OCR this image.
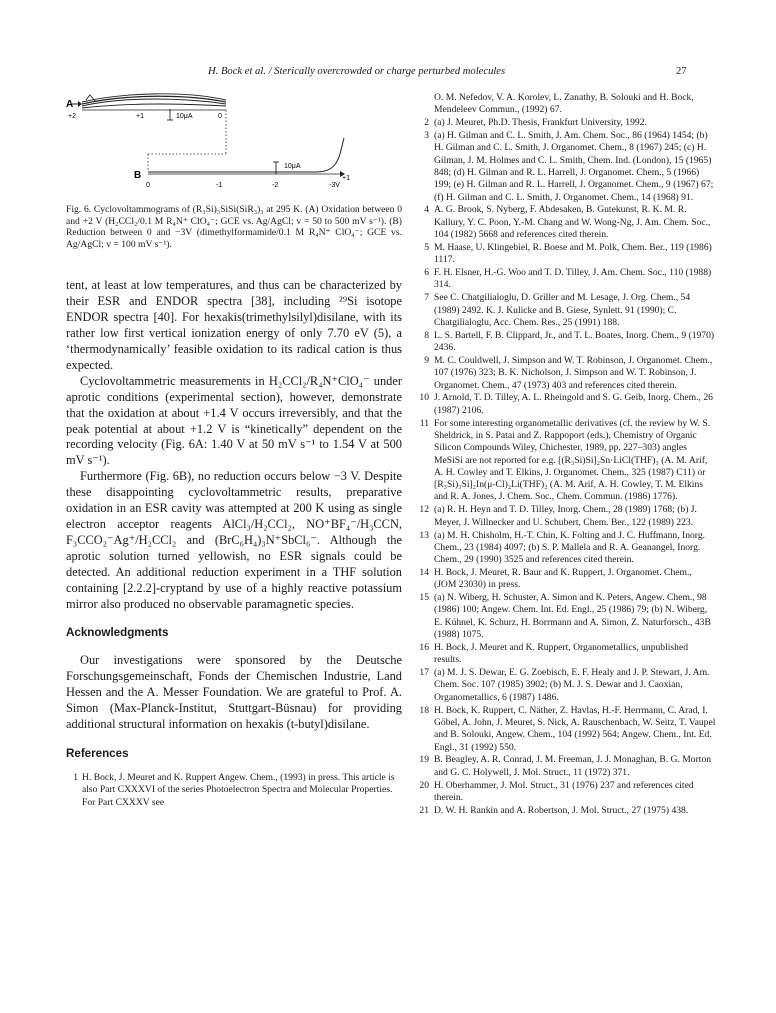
H. Bock et al. / Sterically overcrowded or charge perturbed molecules	27
A
+2	+1	0
10μA
10μA
B
0	-1	-2	-3V
+1
Fig. 6. Cyclovoltammograms of (R₃Si)₃SiSi(SiR₃)₃ at 295 K. (A) Oxidation between 0 and +2 V (H₂CCl₂/0.1 M R₄N⁺ ClO₄⁻; GCE vs. Ag/AgCl; v = 50 to 500 mV s⁻¹). (B) Reduction between 0 and −3V (dimethylformamide/0.1 M R₄N⁺ ClO₄⁻; GCE vs. Ag/AgCl; v = 100 mV s⁻¹).

tent, at least at low temperatures, and thus can be characterized by their ESR and ENDOR spectra [38], including ²⁹Si isotope ENDOR spectra [40]. For hexakis(trimethylsilyl)disilane, with its rather low first vertical ionization energy of only 7.70 eV (5), a ‘thermodynamically’ feasible oxidation to its radical cation is thus expected.

Cyclovoltammetric measurements in H₂CCl₂/R₄N⁺ClO₄⁻ under aprotic conditions (experimental section), however, demonstrate that the oxidation at about +1.4 V occurs irreversibly, and that the peak potential at about +1.2 V is “kinetically” dependent on the recording velocity (Fig. 6A: 1.40 V at 50 mV s⁻¹ to 1.54 V at 500 mV s⁻¹).

Furthermore (Fig. 6B), no reduction occurs below −3 V. Despite these disappointing cyclovoltammetric results, preparative oxidation in an ESR cavity was attempted at 200 K using as single electron acceptor reagents AlCl₃/H₂CCl₂, NO⁺BF₄⁻/H₃CCN, F₃CCO₂⁻Ag⁺/H₂CCl₂ and (BrC₆H₄)₃N⁺SbCl₆⁻. Although the aprotic solution turned yellowish, no ESR signals could be detected. An additional reduction experiment in a THF solution containing [2.2.2]-cryptand by use of a highly reactive potassium mirror also produced no observable paramagnetic species.

Acknowledgments

Our investigations were sponsored by the Deutsche Forschungsgemeinschaft, Fonds der Chemischen Industrie, Land Hessen and the A. Messer Foundation. We are grateful to Prof. A. Simon (Max-Planck-Institut, Stuttgart-Büsnau) for providing additional structural information on hexakis (t-butyl)disilane.

References
1 H. Bock, J. Meuret and K. Ruppert Angew. Chem., (1993) in press. This article is also Part CXXXVI of the series Photoelectron Spectra and Molecular Properties. For Part CXXXV see
O. M. Nefedov, V. A. Korolev, L. Zanathy, B. Solouki and H. Bock, Mendeleev Commun., (1992) 67.
2 (a) J. Meuret, Ph.D. Thesis, Frankfurt University, 1992.
3 (a) H. Gilman and C. L. Smith, J. Am. Chem. Soc., 86 (1964) 1454; (b) H. Gilman and C. L. Smith, J. Organomet. Chem., 8 (1967) 245; (c) H. Gilman, J. M. Holmes and C. L. Smith, Chem. Ind. (London), 15 (1965) 848; (d) H. Gilman and R. L. Harrell, J. Organomet. Chem., 5 (1966) 199; (e) H. Gilman and R. L. Harrell, J. Organomet. Chem., 9 (1967) 67; (f) H. Gilman and C. L. Smith, J. Organomet. Chem., 14 (1968) 91.
4 A. G. Brook, S. Nyberg, F. Abdesaken, B. Gutekunst, R. K. M. R. Kallury, Y. C. Poon, Y.-M. Chang and W. Wong-Ng, J. Am. Chem. Soc., 104 (1982) 5668 and references cited therein.
5 M. Haase, U. Klingebiel, R. Boese and M. Polk, Chem. Ber., 119 (1986) 1117.
6 F. H. Elsner, H.-G. Woo and T. D. Tilley, J. Am. Chem. Soc., 110 (1988) 314.
7 See C. Chatgilialoglu, D. Griller and M. Lesage, J. Org. Chem., 54 (1989) 2492. K. J. Kulicke and B. Giese, Synlett. 91 (1990); C. Chatgilialoglu, Acc. Chem. Res., 25 (1991) 188.
8 L. S. Bartell, F. B. Clippard, Jr., and T. L. Boates, Inorg. Chem., 9 (1970) 2436.
9 M. C. Couldwell, J. Simpson and W. T. Robinson, J. Organomet. Chem., 107 (1976) 323; B. K. Nicholson, J. Simpson and W. T. Robinson, J. Organomet. Chem., 47 (1973) 403 and references cited therein.
10 J. Arnold, T. D. Tilley, A. L. Rheingold and S. G. Geib, Inorg. Chem., 26 (1987) 2106.
11 For some interesting organometallic derivatives (cf. the review by W. S. Sheldrick, in S. Patai and Z. Rappoport (eds.), Chemistry of Organic Silicon Compounds Wiley, Chichester, 1989, pp. 227–303) angles MeSiSi are not reported for e.g. [(R₃Si)Si]₂Sn·LiCl(THF)₃ (A. M. Arif, A. H. Cowley and T. Elkins, J. Organomet. Chem., 325 (1987) C11) or [R₃Si)₃Si]₂In(μ-Cl)₂Li(THF)₂ (A. M. Arif, A. H. Cowley, T. M. Elkins and R. A. Jones, J. Chem. Soc., Chem. Commun. (1986) 1776).
12 (a) R. H. Heyn and T. D. Tilley, Inorg. Chem., 28 (1989) 1768; (b) J. Meyer, J. Willnecker and U. Schubert, Chem. Ber., 122 (1989) 223.
13 (a) M. H. Chisholm, H.-T. Chin, K. Folting and J. C. Huffmann, Inorg. Chem., 23 (1984) 4097; (b) S. P. Mallela and R. A. Geanangel, Inorg. Chem., 29 (1990) 3525 and references cited therein.
14 H. Bock, J. Meuret, R. Baur and K. Ruppert, J. Organomet. Chem., (JOM 23030) in press.
15 (a) N. Wiberg, H. Schuster, A. Simon and K. Peters, Angew. Chem., 98 (1986) 100; Angew. Chem. Int. Ed. Engl., 25 (1986) 79; (b) N. Wiberg, E. Kühnel, K. Schurz, H. Borrmann and A. Simon, Z. Naturforsch., 43B (1988) 1075.
16 H. Bock, J. Meuret and K. Ruppert, Organometallics, unpublished results.
17 (a) M. J. S. Dewar, E. G. Zoebisch, E. F. Healy and J. P. Stewart, J. Am. Chem. Soc. 107 (1985) 3902; (b) M. J. S. Dewar and J. Caoxian, Organometallics, 6 (1987) 1486.
18 H. Bock, K. Ruppert, C. Näther, Z. Havlas, H.-F. Herrmann, C. Arad, I. Göbel, A. John, J. Meuret, S. Nick, A. Rauschenbach, W. Seitz, T. Vaupel and B. Solouki, Angew. Chem., 104 (1992) 564; Angew. Chem., Int. Ed. Engl., 31 (1992) 550.
19 B. Beagley, A. R. Conrad, J. M. Freeman, J. J. Monaghan, B. G. Morton and G. C. Holywell, J. Mol. Struct., 11 (1972) 371.
20 H. Oberhammer, J. Mol. Struct., 31 (1976) 237 and references cited therein.
21 D. W. H. Rankin and A. Robertson, J. Mol. Struct., 27 (1975) 438.
